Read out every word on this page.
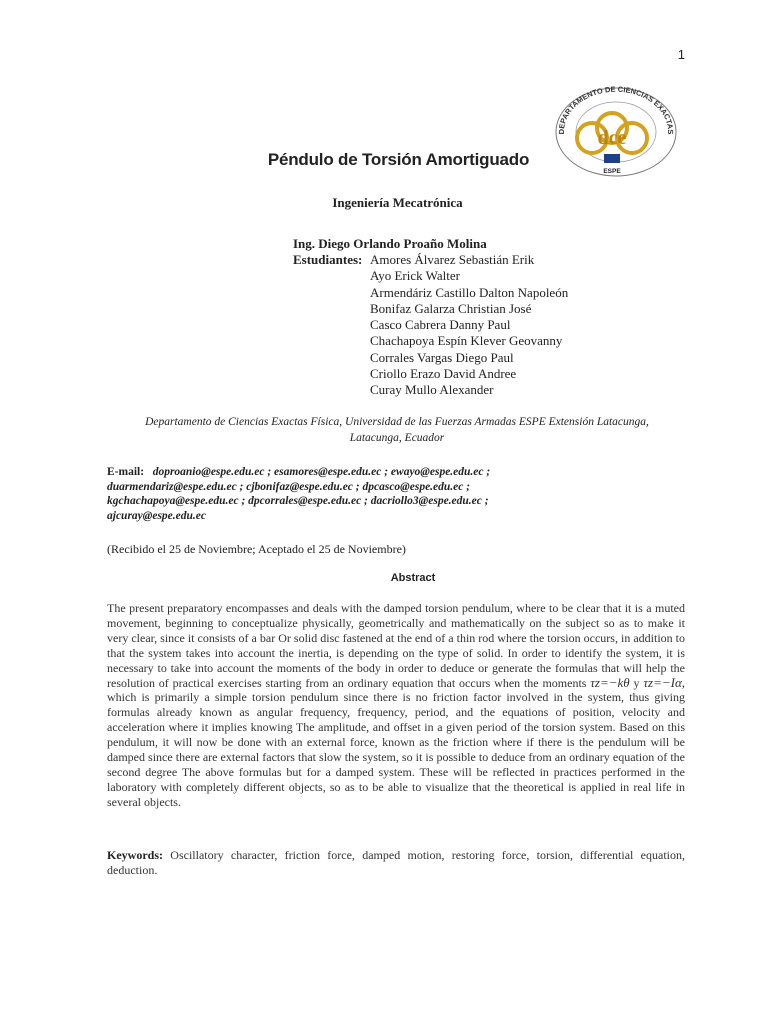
1
DEPARTAMENTO DE CIENCIAS EXACTAS
dce
ESPE
Péndulo de Torsión Amortiguado
Ingeniería Mecatrónica
Ing. Diego Orlando Proaño Molina
Estudiantes: Amores Álvarez Sebastián Erik
Ayo Erick Walter
Armendáriz Castillo Dalton Napoleón
Bonifaz Galarza Christian José
Casco Cabrera Danny Paul
Chachapoya Espín Klever Geovanny
Corrales Vargas Diego Paul
Criollo Erazo David Andree
Curay Mullo Alexander
Departamento de Ciencias Exactas Física, Universidad de las Fuerzas Armadas ESPE Extensión Latacunga,
Latacunga, Ecuador
E-mail: doproanio@espe.edu.ec ; esamores@espe.edu.ec ; ewayo@espe.edu.ec ;
duarmendariz@espe.edu.ec ; cjbonifaz@espe.edu.ec ; dpcasco@espe.edu.ec ;
kgchachapoya@espe.edu.ec ; dpcorrales@espe.edu.ec ; dacriollo3@espe.edu.ec ;
ajcuray@espe.edu.ec
(Recibido el 25 de Noviembre; Aceptado el 25 de Noviembre)
Abstract
The present preparatory encompasses and deals with the damped torsion pendulum, where to be clear that it is a muted movement, beginning to conceptualize physically, geometrically and mathematically on the subject so as to make it very clear, since it consists of a bar Or solid disc fastened at the end of a thin rod where the torsion occurs, in addition to that the system takes into account the inertia, is depending on the type of solid. In order to identify the system, it is necessary to take into account the moments of the body in order to deduce or generate the formulas that will help the resolution of practical exercises starting from an ordinary equation that occurs when the moments τz=−kθ y τz=−Iα, which is primarily a simple torsion pendulum since there is no friction factor involved in the system, thus giving formulas already known as angular frequency, frequency, period, and the equations of position, velocity and acceleration where it implies knowing The amplitude, and offset in a given period of the torsion system. Based on this pendulum, it will now be done with an external force, known as the friction where if there is the pendulum will be damped since there are external factors that slow the system, so it is possible to deduce from an ordinary equation of the second degree The above formulas but for a damped system. These will be reflected in practices performed in the laboratory with completely different objects, so as to be able to visualize that the theoretical is applied in real life in several objects.
Keywords: Oscillatory character, friction force, damped motion, restoring force, torsion, differential equation, deduction.
